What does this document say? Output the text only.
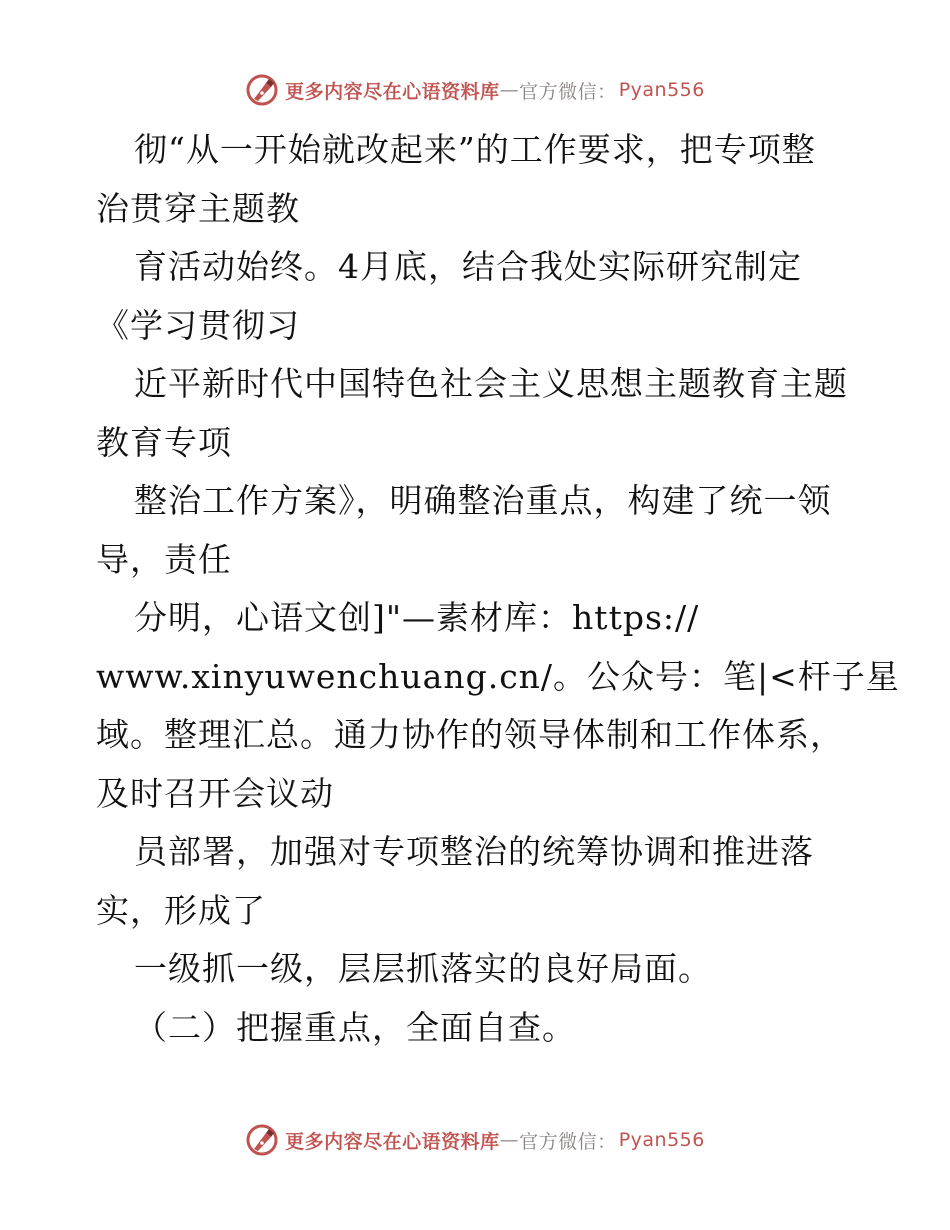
更多内容尽在心语资料库 — 官方微信： Pyan556
彻“从一开始就改起来”的工作要求，把专项整
治贯穿主题教
育活动始终。4月底，结合我处实际研究制定
《学习贯彻习
近平新时代中国特色社会主义思想主题教育主题
教育专项
整治工作方案》，明确整治重点，构建了统一领
导，责任
分明，心语文创]"—素材库：https://
www.xinyuwenchuang.cn/。公众号：笔|<杆子星
域。整理汇总。通力协作的领导体制和工作体系，
及时召开会议动
员部署，加强对专项整治的统筹协调和推进落
实，形成了
一级抓一级，层层抓落实的良好局面。
（二）把握重点，全面自查。
更多内容尽在心语资料库 — 官方微信： Pyan556
